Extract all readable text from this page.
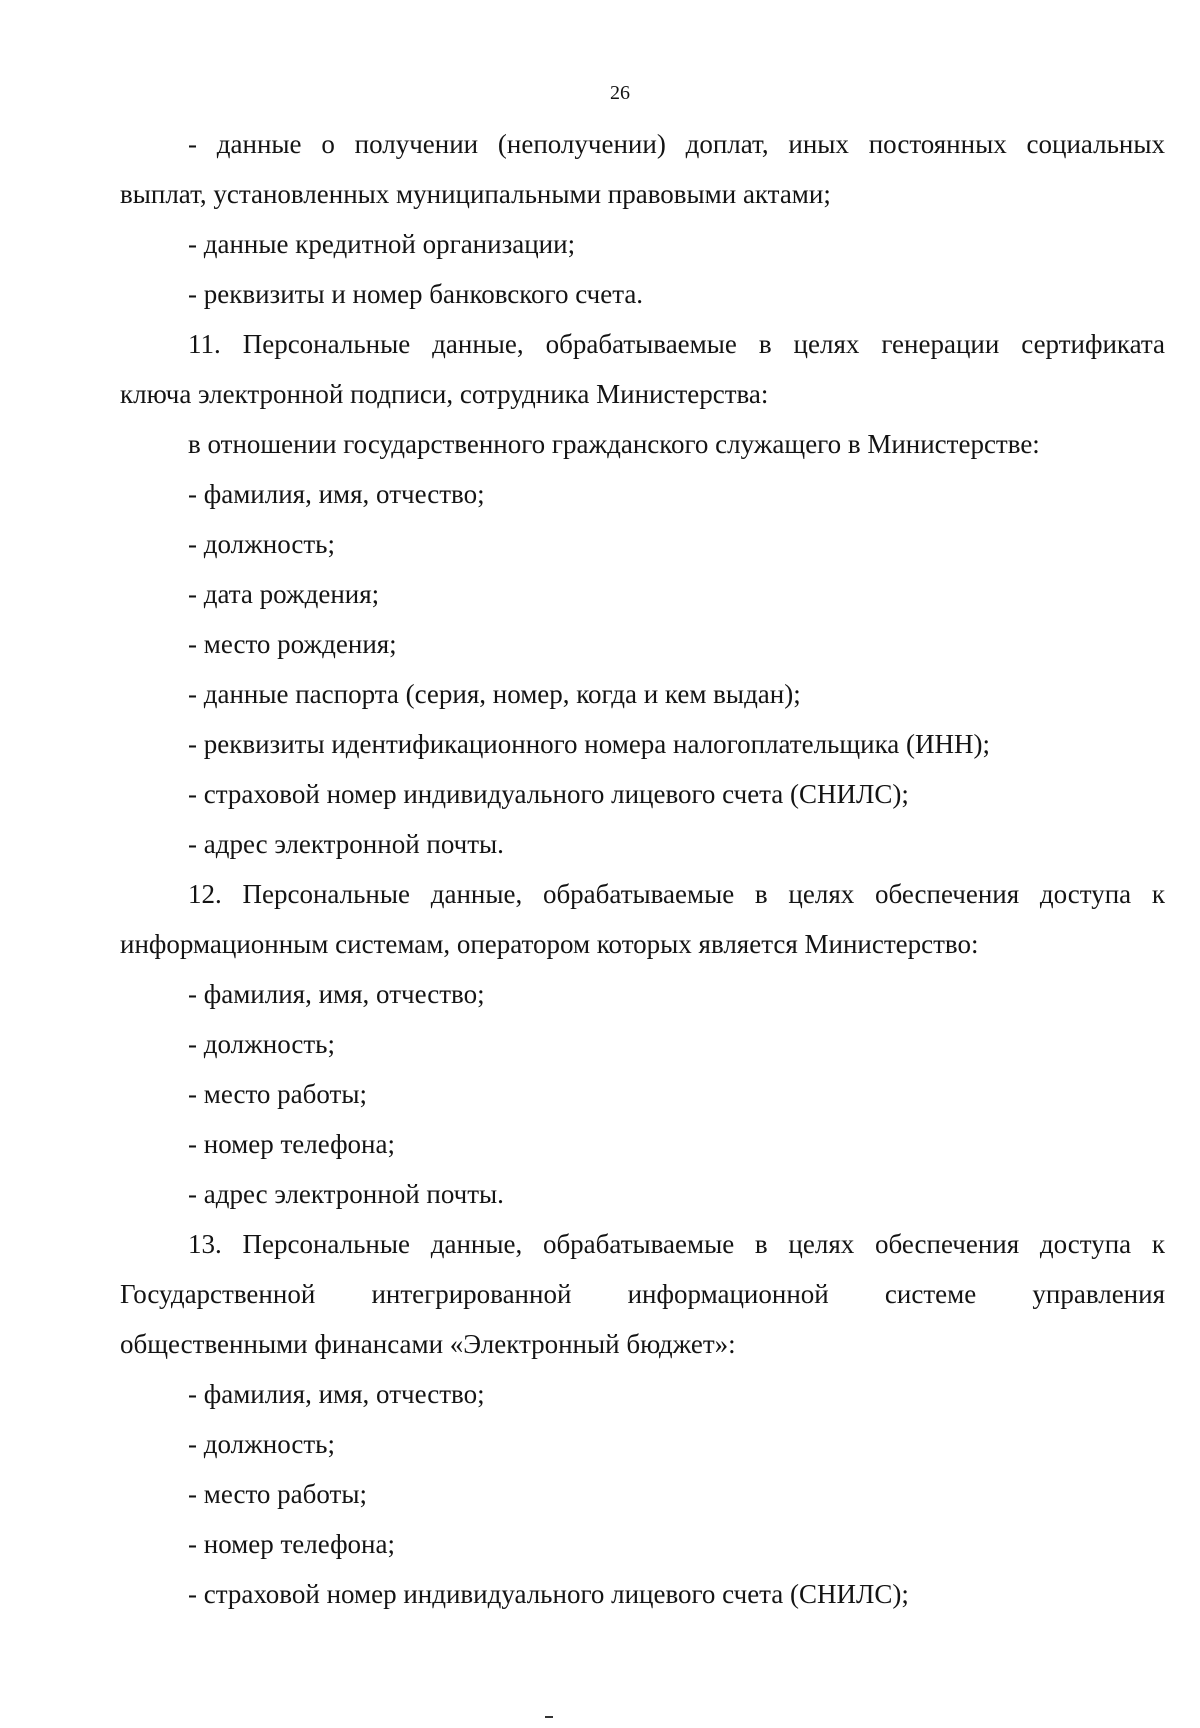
26
- данные о получении (неполучении) доплат, иных постоянных социальных
выплат, установленных муниципальными правовыми актами;
- данные кредитной организации;
- реквизиты и номер банковского счета.
11. Персональные данные, обрабатываемые в целях генерации сертификата
ключа электронной подписи, сотрудника Министерства:
в отношении государственного гражданского служащего в Министерстве:
- фамилия, имя, отчество;
- должность;
- дата рождения;
- место рождения;
- данные паспорта (серия, номер, когда и кем выдан);
- реквизиты идентификационного номера налогоплательщика (ИНН);
- страховой номер индивидуального лицевого счета (СНИЛС);
- адрес электронной почты.
12. Персональные данные, обрабатываемые в целях обеспечения доступа к
информационным системам, оператором которых является Министерство:
- фамилия, имя, отчество;
- должность;
- место работы;
- номер телефона;
- адрес электронной почты.
13. Персональные данные, обрабатываемые в целях обеспечения доступа к
Государственной интегрированной информационной системе управления
общественными финансами «Электронный бюджет»:
- фамилия, имя, отчество;
- должность;
- место работы;
- номер телефона;
- страховой номер индивидуального лицевого счета (СНИЛС);
